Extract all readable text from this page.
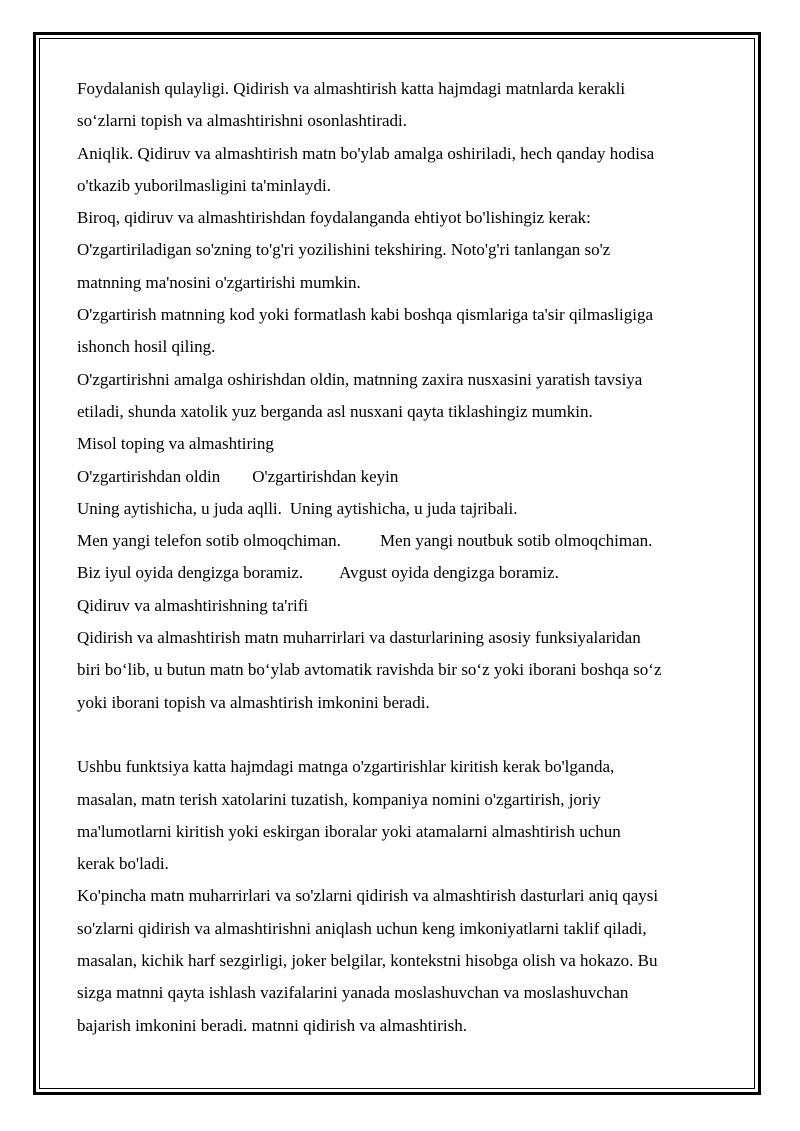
Foydalanish qulayligi. Qidirish va almashtirish katta hajmdagi matnlarda kerakli
so‘zlarni topish va almashtirishni osonlashtiradi.
Aniqlik. Qidiruv va almashtirish matn bo'ylab amalga oshiriladi, hech qanday hodisa
o'tkazib yuborilmasligini ta'minlaydi.
Biroq, qidiruv va almashtirishdan foydalanganda ehtiyot bo'lishingiz kerak:
O'zgartiriladigan so'zning to'g'ri yozilishini tekshiring. Noto'g'ri tanlangan so'z
matnning ma'nosini o'zgartirishi mumkin.
O'zgartirish matnning kod yoki formatlash kabi boshqa qismlariga ta'sir qilmasligiga
ishonch hosil qiling.
O'zgartirishni amalga oshirishdan oldin, matnning zaxira nusxasini yaratish tavsiya
etiladi, shunda xatolik yuz berganda asl nusxani qayta tiklashingiz mumkin.
Misol toping va almashtiring
O'zgartirishdan oldin O'zgartirishdan keyin
Uning aytishicha, u juda aqlli. Uning aytishicha, u juda tajribali.
Men yangi telefon sotib olmoqchiman. Men yangi noutbuk sotib olmoqchiman.
Biz iyul oyida dengizga boramiz. Avgust oyida dengizga boramiz.
Qidiruv va almashtirishning ta'rifi
Qidirish va almashtirish matn muharrirlari va dasturlarining asosiy funksiyalaridan
biri bo‘lib, u butun matn bo‘ylab avtomatik ravishda bir so‘z yoki iborani boshqa so‘z
yoki iborani topish va almashtirish imkonini beradi.
Ushbu funktsiya katta hajmdagi matnga o'zgartirishlar kiritish kerak bo'lganda,
masalan, matn terish xatolarini tuzatish, kompaniya nomini o'zgartirish, joriy
ma'lumotlarni kiritish yoki eskirgan iboralar yoki atamalarni almashtirish uchun
kerak bo'ladi.
Ko'pincha matn muharrirlari va so'zlarni qidirish va almashtirish dasturlari aniq qaysi
so'zlarni qidirish va almashtirishni aniqlash uchun keng imkoniyatlarni taklif qiladi,
masalan, kichik harf sezgirligi, joker belgilar, kontekstni hisobga olish va hokazo. Bu
sizga matnni qayta ishlash vazifalarini yanada moslashuvchan va moslashuvchan
bajarish imkonini beradi. matnni qidirish va almashtirish.
